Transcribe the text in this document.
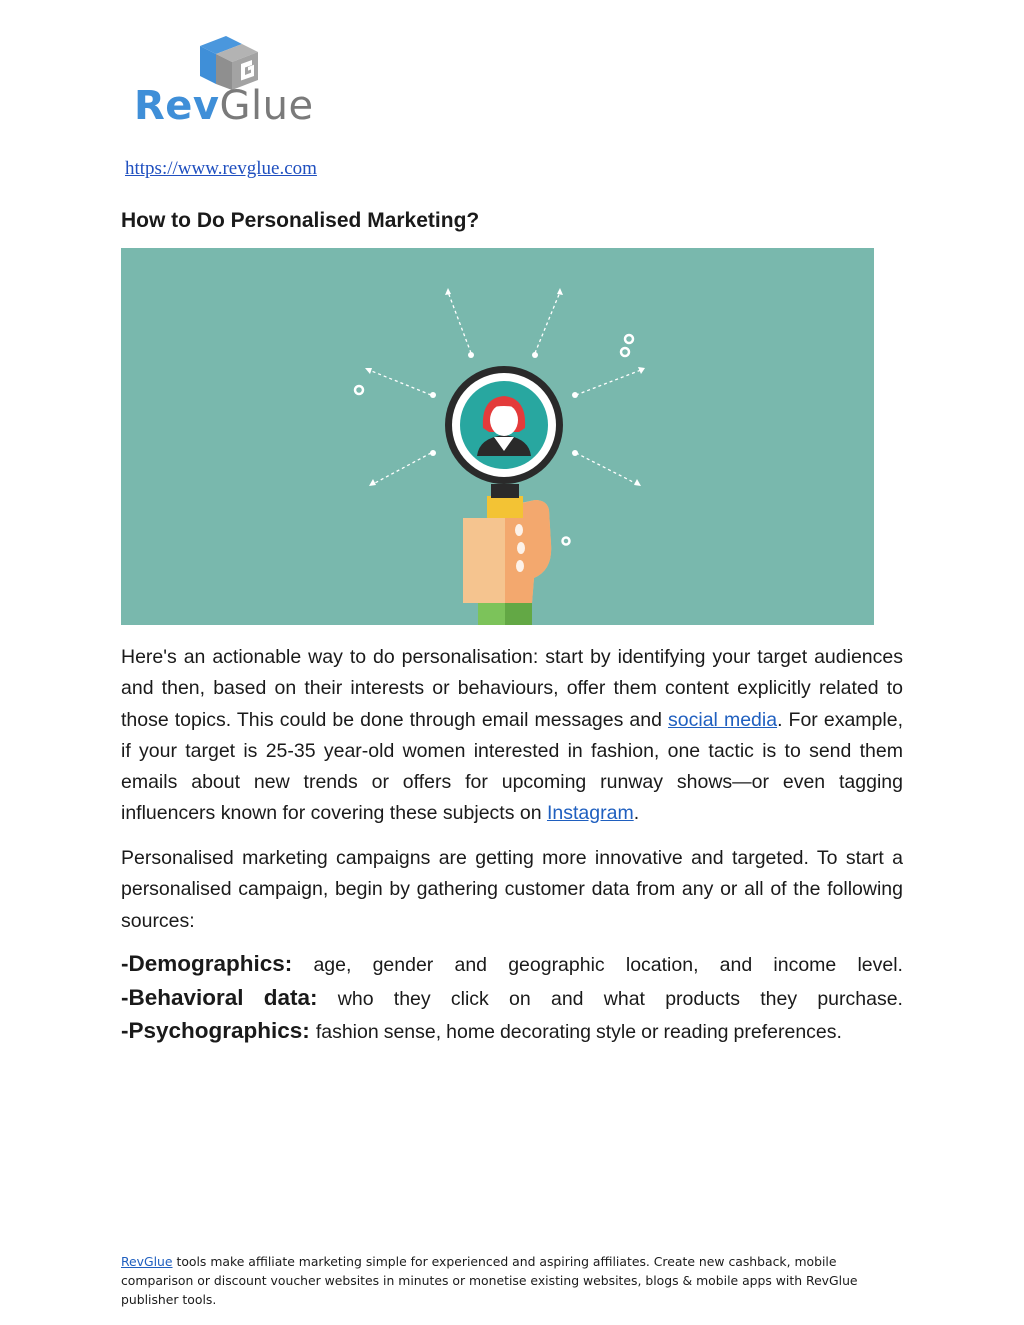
RevGlue
https://www.revglue.com
How to Do Personalised Marketing?

Here's an actionable way to do personalisation: start by identifying your target audiences and then, based on their interests or behaviours, offer them content explicitly related to those topics. This could be done through email messages and social media. For example, if your target is 25-35 year-old women interested in fashion, one tactic is to send them emails about new trends or offers for upcoming runway shows—or even tagging influencers known for covering these subjects on Instagram.

Personalised marketing campaigns are getting more innovative and targeted. To start a personalised campaign, begin by gathering customer data from any or all of the following sources:

-Demographics: age, gender and geographic location, and income level.
-Behavioral data: who they click on and what products they purchase.
-Psychographics: fashion sense, home decorating style or reading preferences.
RevGlue tools make affiliate marketing simple for experienced and aspiring affiliates. Create new cashback, mobile comparison or discount voucher websites in minutes or monetise existing websites, blogs & mobile apps with RevGlue publisher tools.
